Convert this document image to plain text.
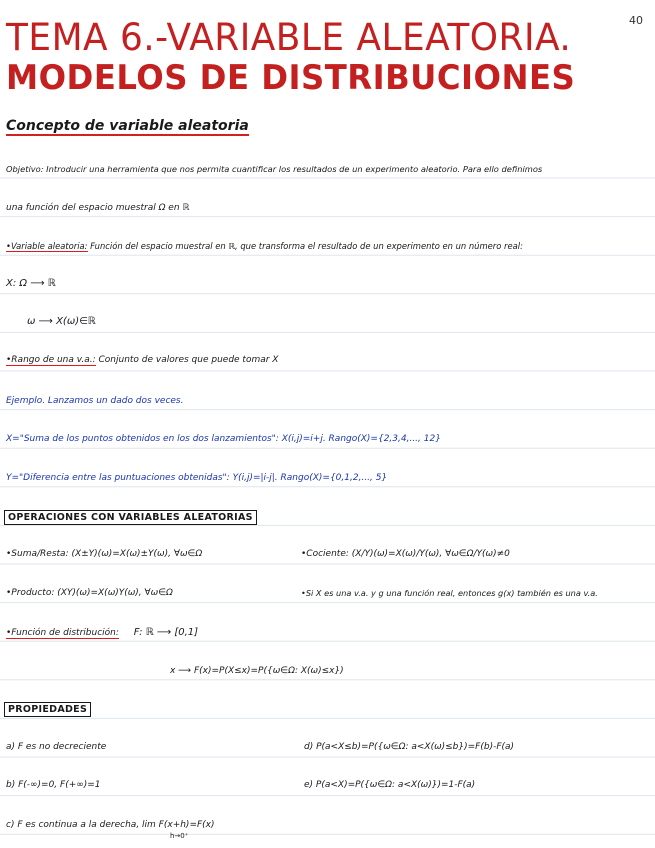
40
TEMA 6.-VARIABLE ALEATORIA.
MODELOS DE DISTRIBUCIONES
Concepto de variable aleatoria
Objetivo: Introducir una herramienta que nos permita cuantificar los resultados de un experimento aleatorio. Para ello definimos
una función del espacio muestral Ω en ℝ
•Variable aleatoria: Función del espacio muestral en ℝ, que transforma el resultado de un experimento en un número real:
X: Ω ⟶ ℝ
ω ⟶ X(ω)∈ℝ
•Rango de una v.a.: Conjunto de valores que puede tomar X
Ejemplo. Lanzamos un dado dos veces.
X="Suma de los puntos obtenidos en los dos lanzamientos": X(i,j)=i+j. Rango(X)={2,3,4,..., 12}
Y="Diferencia entre las puntuaciones obtenidas": Y(i,j)=|i-j|. Rango(X)={0,1,2,..., 5}
OPERACIONES CON VARIABLES ALEATORIAS
•Suma/Resta: (X±Y)(ω)=X(ω)±Y(ω), ∀ω∈Ω	•Cociente: (X/Y)(ω)=X(ω)/Y(ω), ∀ω∈Ω/Y(ω)≠0
•Producto: (XY)(ω)=X(ω)Y(ω), ∀ω∈Ω	•Si X es una v.a. y g una función real, entonces g(x) también es una v.a.
•Función de distribución: F: ℝ ⟶ [0,1]
x ⟶ F(x)=P(X≤x)=P({ω∈Ω: X(ω)≤x})
PROPIEDADES
a) F es no decreciente	d) P(a<X≤b)=P({ω∈Ω: a<X(ω)≤b})=F(b)-F(a)
b) F(-∞)=0, F(+∞)=1	e) P(a<X)=P({ω∈Ω: a<X(ω)})=1-F(a)
c) F es continua a la derecha, lim F(x+h)=F(x)
h→0⁺
